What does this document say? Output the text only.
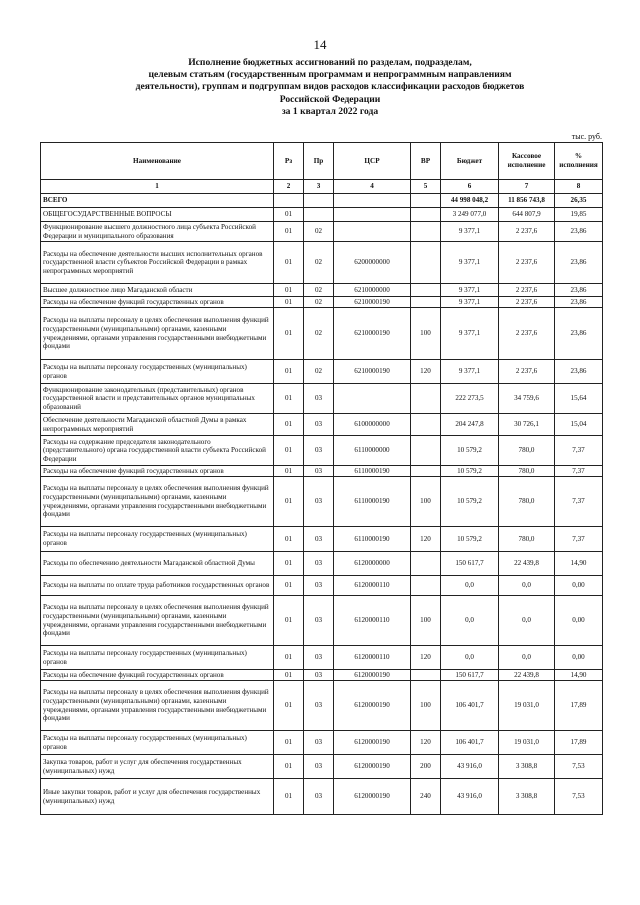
14
Исполнение бюджетных ассигнований по разделам, подразделам,
целевым статьям (государственным программам и непрограммным направлениям
деятельности), группам и подгруппам видов расходов классификации расходов бюджетов
Российской Федерации
за 1 квартал 2022 года
тыс. руб.
Наименование	Рз	Пр	ЦСР	ВР	Бюджет	Кассовое исполнение	% исполнения
1	2	3	4	5	6	7	8
ВСЕГО					44 998 048,2	11 856 743,8	26,35
ОБЩЕГОСУДАРСТВЕННЫЕ ВОПРОСЫ	01				3 249 077,0	644 807,9	19,85
Функционирование высшего должностного лица субъекта Российской Федерации и муниципального образования	01	02			9 377,1	2 237,6	23,86
Расходы на обеспечение деятельности высших исполнительных органов государственной власти субъектов Российской Федерации в рамках непрограммных мероприятий	01	02	6200000000		9 377,1	2 237,6	23,86
Высшее должностное лицо Магаданской области	01	02	6210000000		9 377,1	2 237,6	23,86
Расходы на обеспечение функций государственных органов	01	02	6210000190		9 377,1	2 237,6	23,86
Расходы на выплаты персоналу в целях обеспечения выполнения функций государственными (муниципальными) органами, казенными учреждениями, органами управления государственными внебюджетными фондами	01	02	6210000190	100	9 377,1	2 237,6	23,86
Расходы на выплаты персоналу государственных (муниципальных) органов	01	02	6210000190	120	9 377,1	2 237,6	23,86
Функционирование законодательных (представительных) органов государственной власти и представительных органов муниципальных образований	01	03			222 273,5	34 759,6	15,64
Обеспечение деятельности Магаданской областной Думы в рамках непрограммных мероприятий	01	03	6100000000		204 247,8	30 726,1	15,04
Расходы на содержание председателя законодательного (представительного) органа государственной власти субъекта Российской Федерации	01	03	6110000000		10 579,2	780,0	7,37
Расходы на обеспечение функций государственных органов	01	03	6110000190		10 579,2	780,0	7,37
Расходы на выплаты персоналу в целях обеспечения выполнения функций государственными (муниципальными) органами, казенными учреждениями, органами управления государственными внебюджетными фондами	01	03	6110000190	100	10 579,2	780,0	7,37
Расходы на выплаты персоналу государственных (муниципальных) органов	01	03	6110000190	120	10 579,2	780,0	7,37
Расходы по обеспечению деятельности Магаданской областной Думы	01	03	6120000000		150 617,7	22 439,8	14,90
Расходы на выплаты по оплате труда работников государственных органов	01	03	6120000110		0,0	0,0	0,00
Расходы на выплаты персоналу в целях обеспечения выполнения функций государственными (муниципальными) органами, казенными учреждениями, органами управления государственными внебюджетными фондами	01	03	6120000110	100	0,0	0,0	0,00
Расходы на выплаты персоналу государственных (муниципальных) органов	01	03	6120000110	120	0,0	0,0	0,00
Расходы на обеспечение функций государственных органов	01	03	6120000190		150 617,7	22 439,8	14,90
Расходы на выплаты персоналу в целях обеспечения выполнения функций государственными (муниципальными) органами, казенными учреждениями, органами управления государственными внебюджетными фондами	01	03	6120000190	100	106 401,7	19 031,0	17,89
Расходы на выплаты персоналу государственных (муниципальных) органов	01	03	6120000190	120	106 401,7	19 031,0	17,89
Закупка товаров, работ и услуг для обеспечения государственных (муниципальных) нужд	01	03	6120000190	200	43 916,0	3 308,8	7,53
Иные закупки товаров, работ и услуг для обеспечения государственных (муниципальных) нужд	01	03	6120000190	240	43 916,0	3 308,8	7,53
